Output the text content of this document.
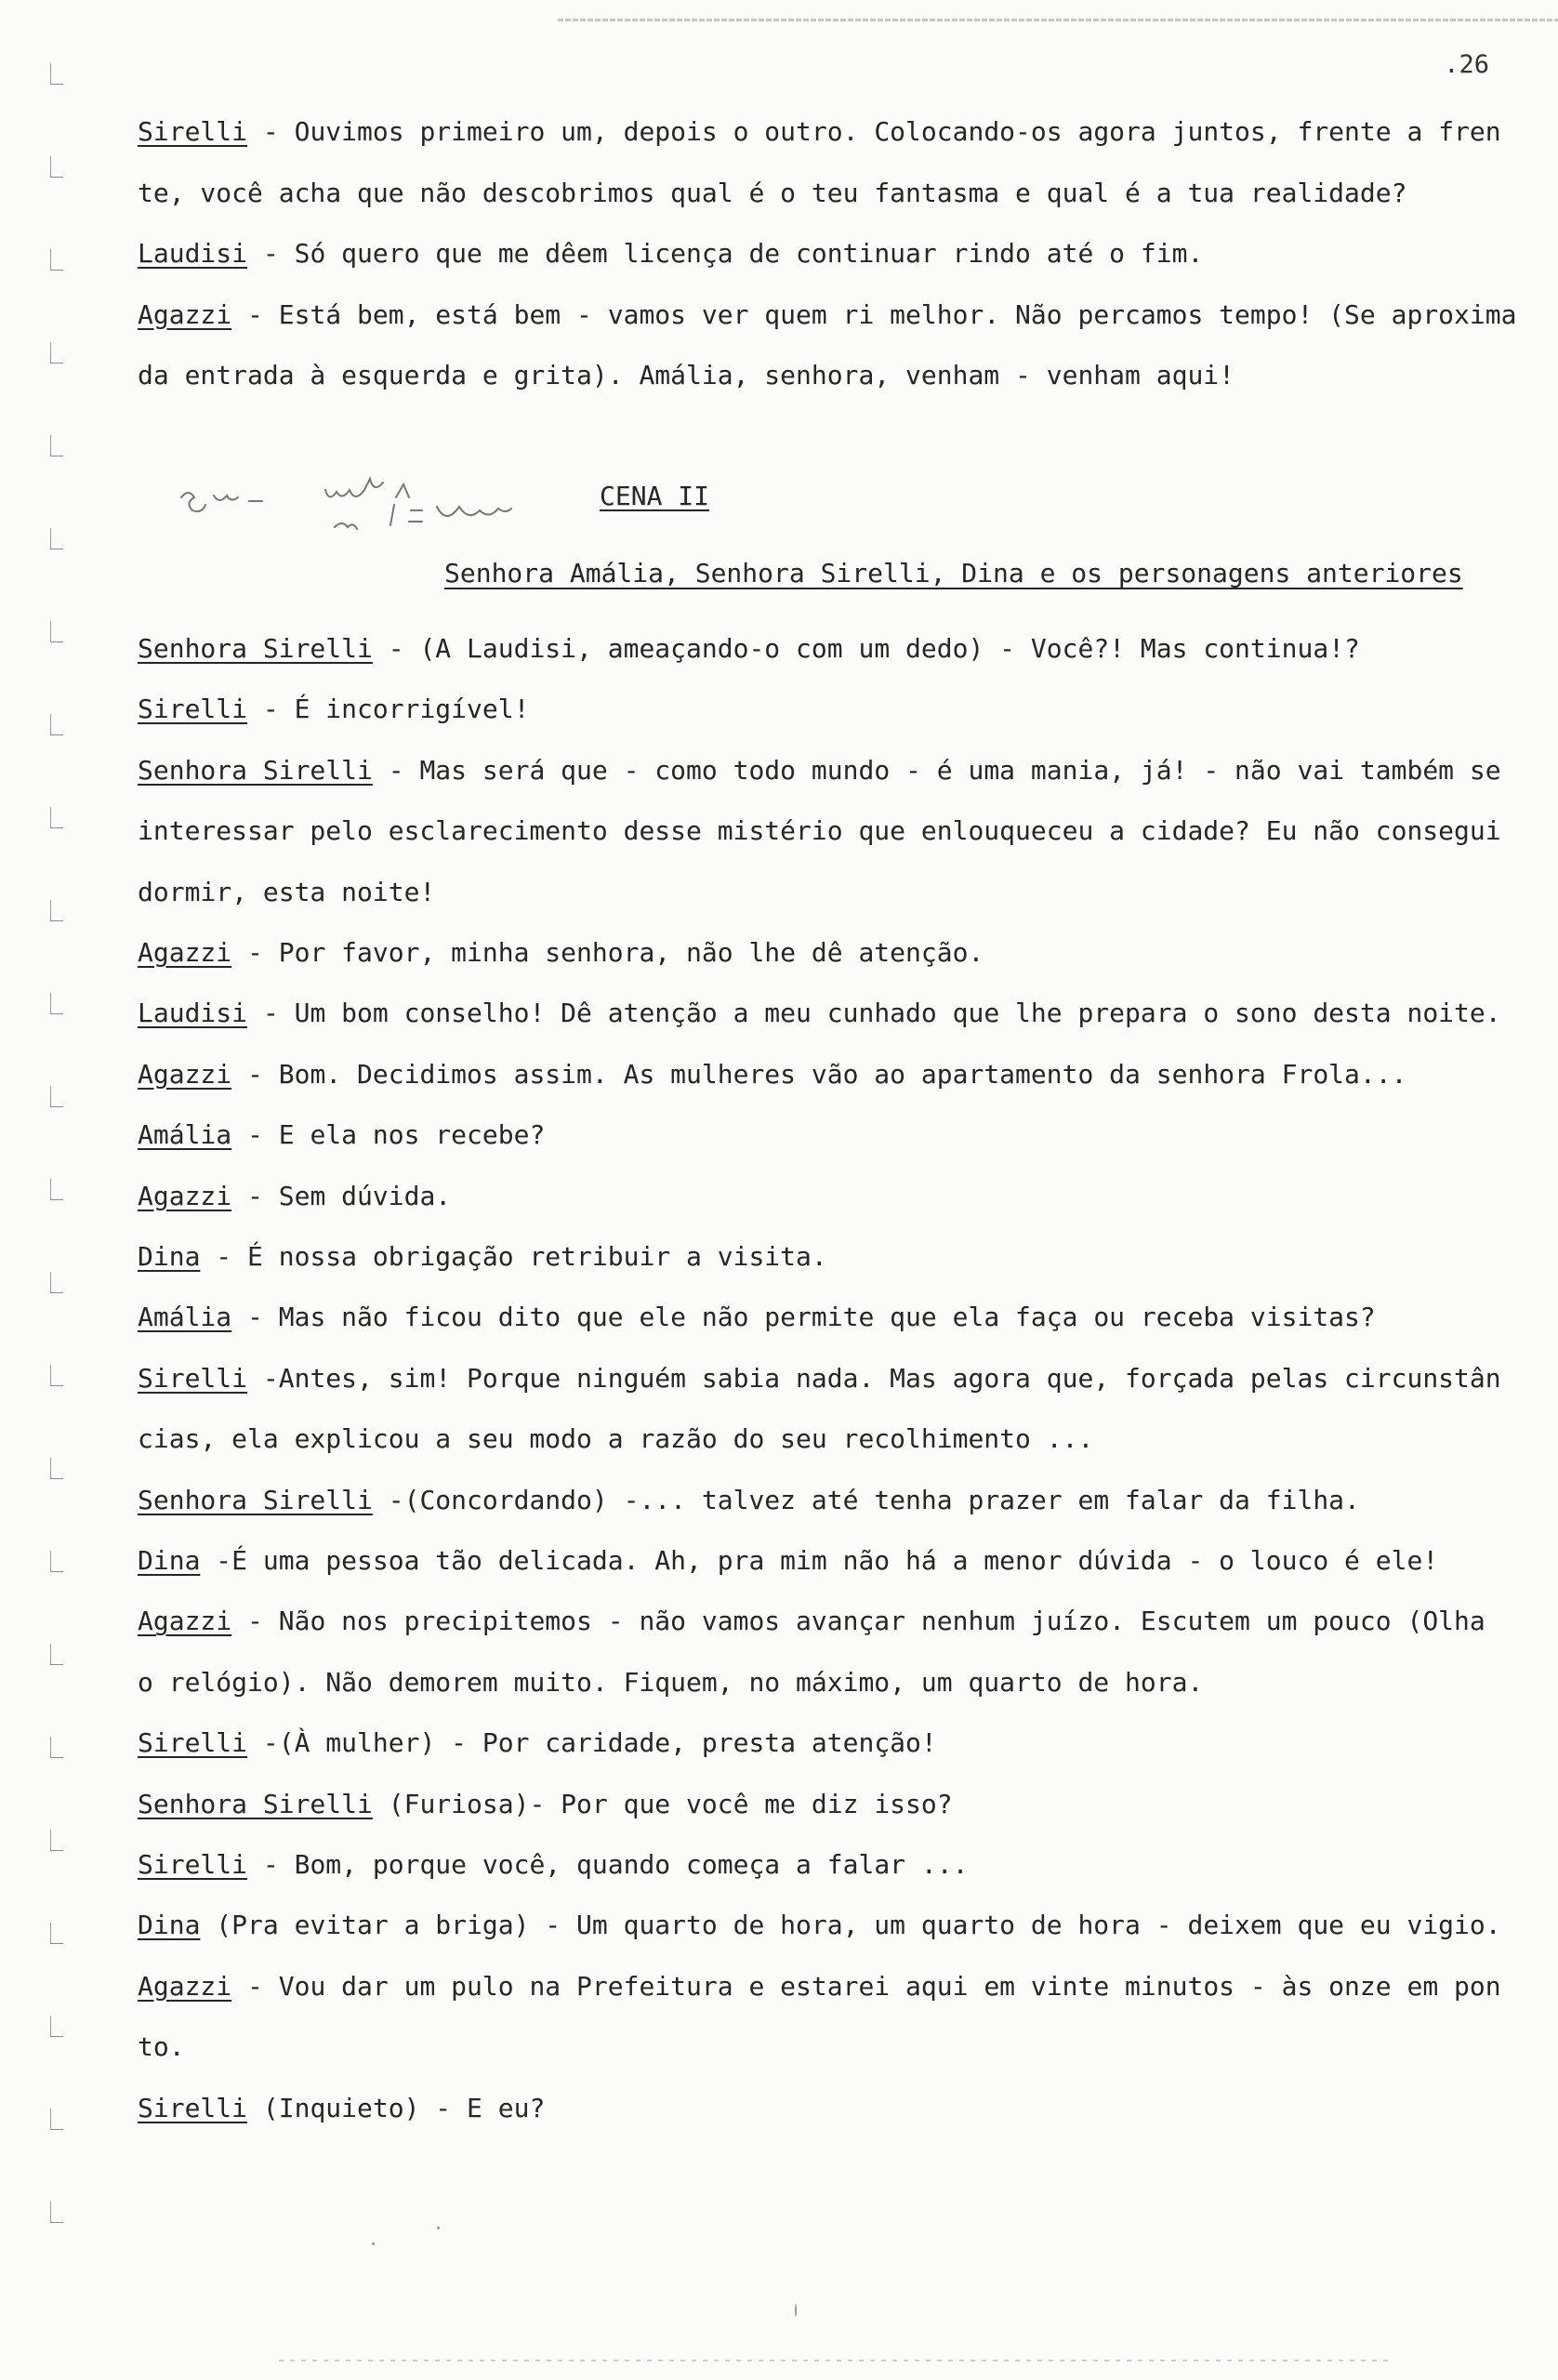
.26
Sirelli - Ouvimos primeiro um, depois o outro. Colocando-os agora juntos, frente a fren
te, você acha que não descobrimos qual é o teu fantasma e qual é a tua realidade?
Laudisi - Só quero que me dêem licença de continuar rindo até o fim.
Agazzi - Está bem, está bem - vamos ver quem ri melhor. Não percamos tempo! (Se aproxima
da entrada à esquerda e grita). Amália, senhora, venham - venham aqui!
CENA II
Senhora Amália, Senhora Sirelli, Dina e os personagens anteriores
Senhora Sirelli - (A Laudisi, ameaçando-o com um dedo) - Você?! Mas continua!?
Sirelli - É incorrigível!
Senhora Sirelli - Mas será que - como todo mundo - é uma mania, já! - não vai também se
interessar pelo esclarecimento desse mistério que enlouqueceu a cidade? Eu não consegui
dormir, esta noite!
Agazzi - Por favor, minha senhora, não lhe dê atenção.
Laudisi - Um bom conselho! Dê atenção a meu cunhado que lhe prepara o sono desta noite.
Agazzi - Bom. Decidimos assim. As mulheres vão ao apartamento da senhora Frola...
Amália - E ela nos recebe?
Agazzi - Sem dúvida.
Dina - É nossa obrigação retribuir a visita.
Amália - Mas não ficou dito que ele não permite que ela faça ou receba visitas?
Sirelli -Antes, sim! Porque ninguém sabia nada. Mas agora que, forçada pelas circunstân
cias, ela explicou a seu modo a razão do seu recolhimento ...
Senhora Sirelli -(Concordando) -... talvez até tenha prazer em falar da filha.
Dina -É uma pessoa tão delicada. Ah, pra mim não há a menor dúvida - o louco é ele!
Agazzi - Não nos precipitemos - não vamos avançar nenhum juízo. Escutem um pouco (Olha
o relógio). Não demorem muito. Fiquem, no máximo, um quarto de hora.
Sirelli -(À mulher) - Por caridade, presta atenção!
Senhora Sirelli (Furiosa)- Por que você me diz isso?
Sirelli - Bom, porque você, quando começa a falar ...
Dina (Pra evitar a briga) - Um quarto de hora, um quarto de hora - deixem que eu vigio.
Agazzi - Vou dar um pulo na Prefeitura e estarei aqui em vinte minutos - às onze em pon
to.
Sirelli (Inquieto) - E eu?
